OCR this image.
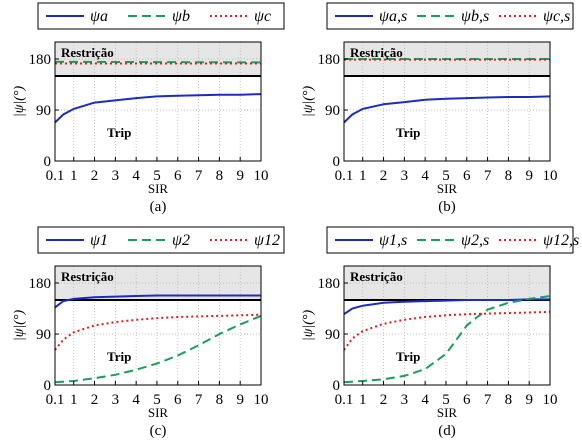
ψa	ψb	ψc
Restrição
Trip
0
90
180
0.1 1 2 3 4 5 6 7 8 9 10
SIR
|ψ|(°)
(a)
ψa,s	ψb,s	ψc,s
Restrição
Trip
0
90
180
0.1 1 2 3 4 5 6 7 8 9 10
SIR
|ψ|(°)
(b)
ψ1	ψ2	ψ12
Restrição
Trip
0
90
180
0.1 1 2 3 4 5 6 7 8 9 10
SIR
|ψ|(°)
(c)
ψ1,s	ψ2,s	ψ12,s
Restrição
Trip
0
90
180
0.1 1 2 3 4 5 6 7 8 9 10
SIR
|ψ|(°)
(d)
